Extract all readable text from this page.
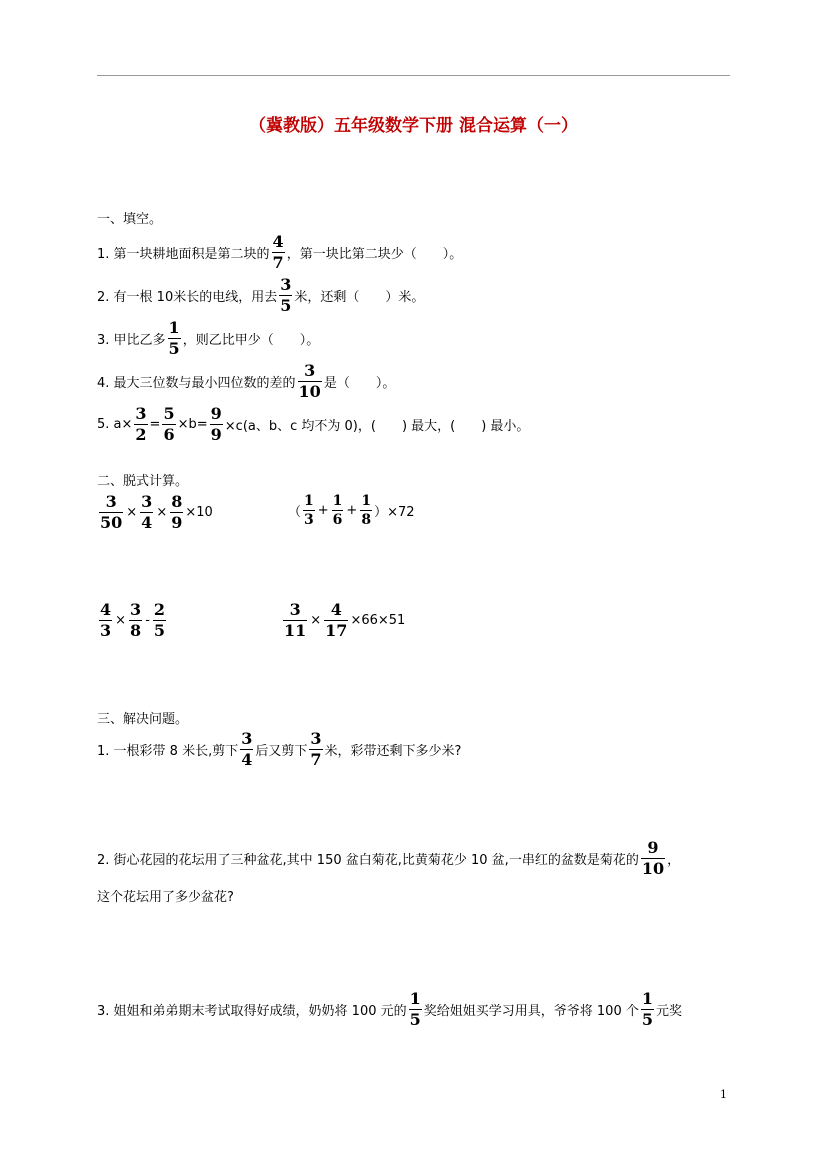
（冀教版）五年级数学下册 混合运算（一）
一、填空。
1. 第一块耕地面积是第二块的 $\frac{4}{7}$ ，第一块比第二块少（　　）。
2. 有一根 10米长的电线，用去 $\frac{3}{5}$ 米，还剩（　　）米。
3. 甲比乙多 $\frac{1}{5}$ ，则乙比甲少（　　）。
4. 最大三位数与最小四位数的差的 $\frac{3}{10}$ 是（　　）。
5. $a\times \frac{3}{2} = \frac{5}{6} \times b= \frac{9}{9} \times c(a$、b、c 均不为 0)，(　　) 最大，(　　) 最小。
二、脱式计算。
$\frac{3}{50} \times \frac{3}{4} \times \frac{8}{9} \times 10$	（ $\frac{1}{3} + \frac{1}{6} + \frac{1}{8} )\times 72$
$\frac{4}{3} \times \frac{3}{8} - \frac{2}{5}$	$\frac{3}{11} \times \frac{4}{17} \times 66\times 51$
三、解决问题。
1. 一根彩带 8 米长,剪下 $\frac{3}{4}$ 后又剪下 $\frac{3}{7}$ 米，彩带还剩下多少米?
2. 街心花园的花坛用了三种盆花,其中 150 盆白菊花,比黄菊花少 10 盆,一串红的盆数是菊花的 $\frac{9}{10}$ ，
这个花坛用了多少盆花?
3. 姐姐和弟弟期末考试取得好成绩，奶奶将 100 元的 $\frac{1}{5}$ 奖给姐姐买学习用具，爷爷将 100 个 $\frac{1}{5}$ 元奖
1
